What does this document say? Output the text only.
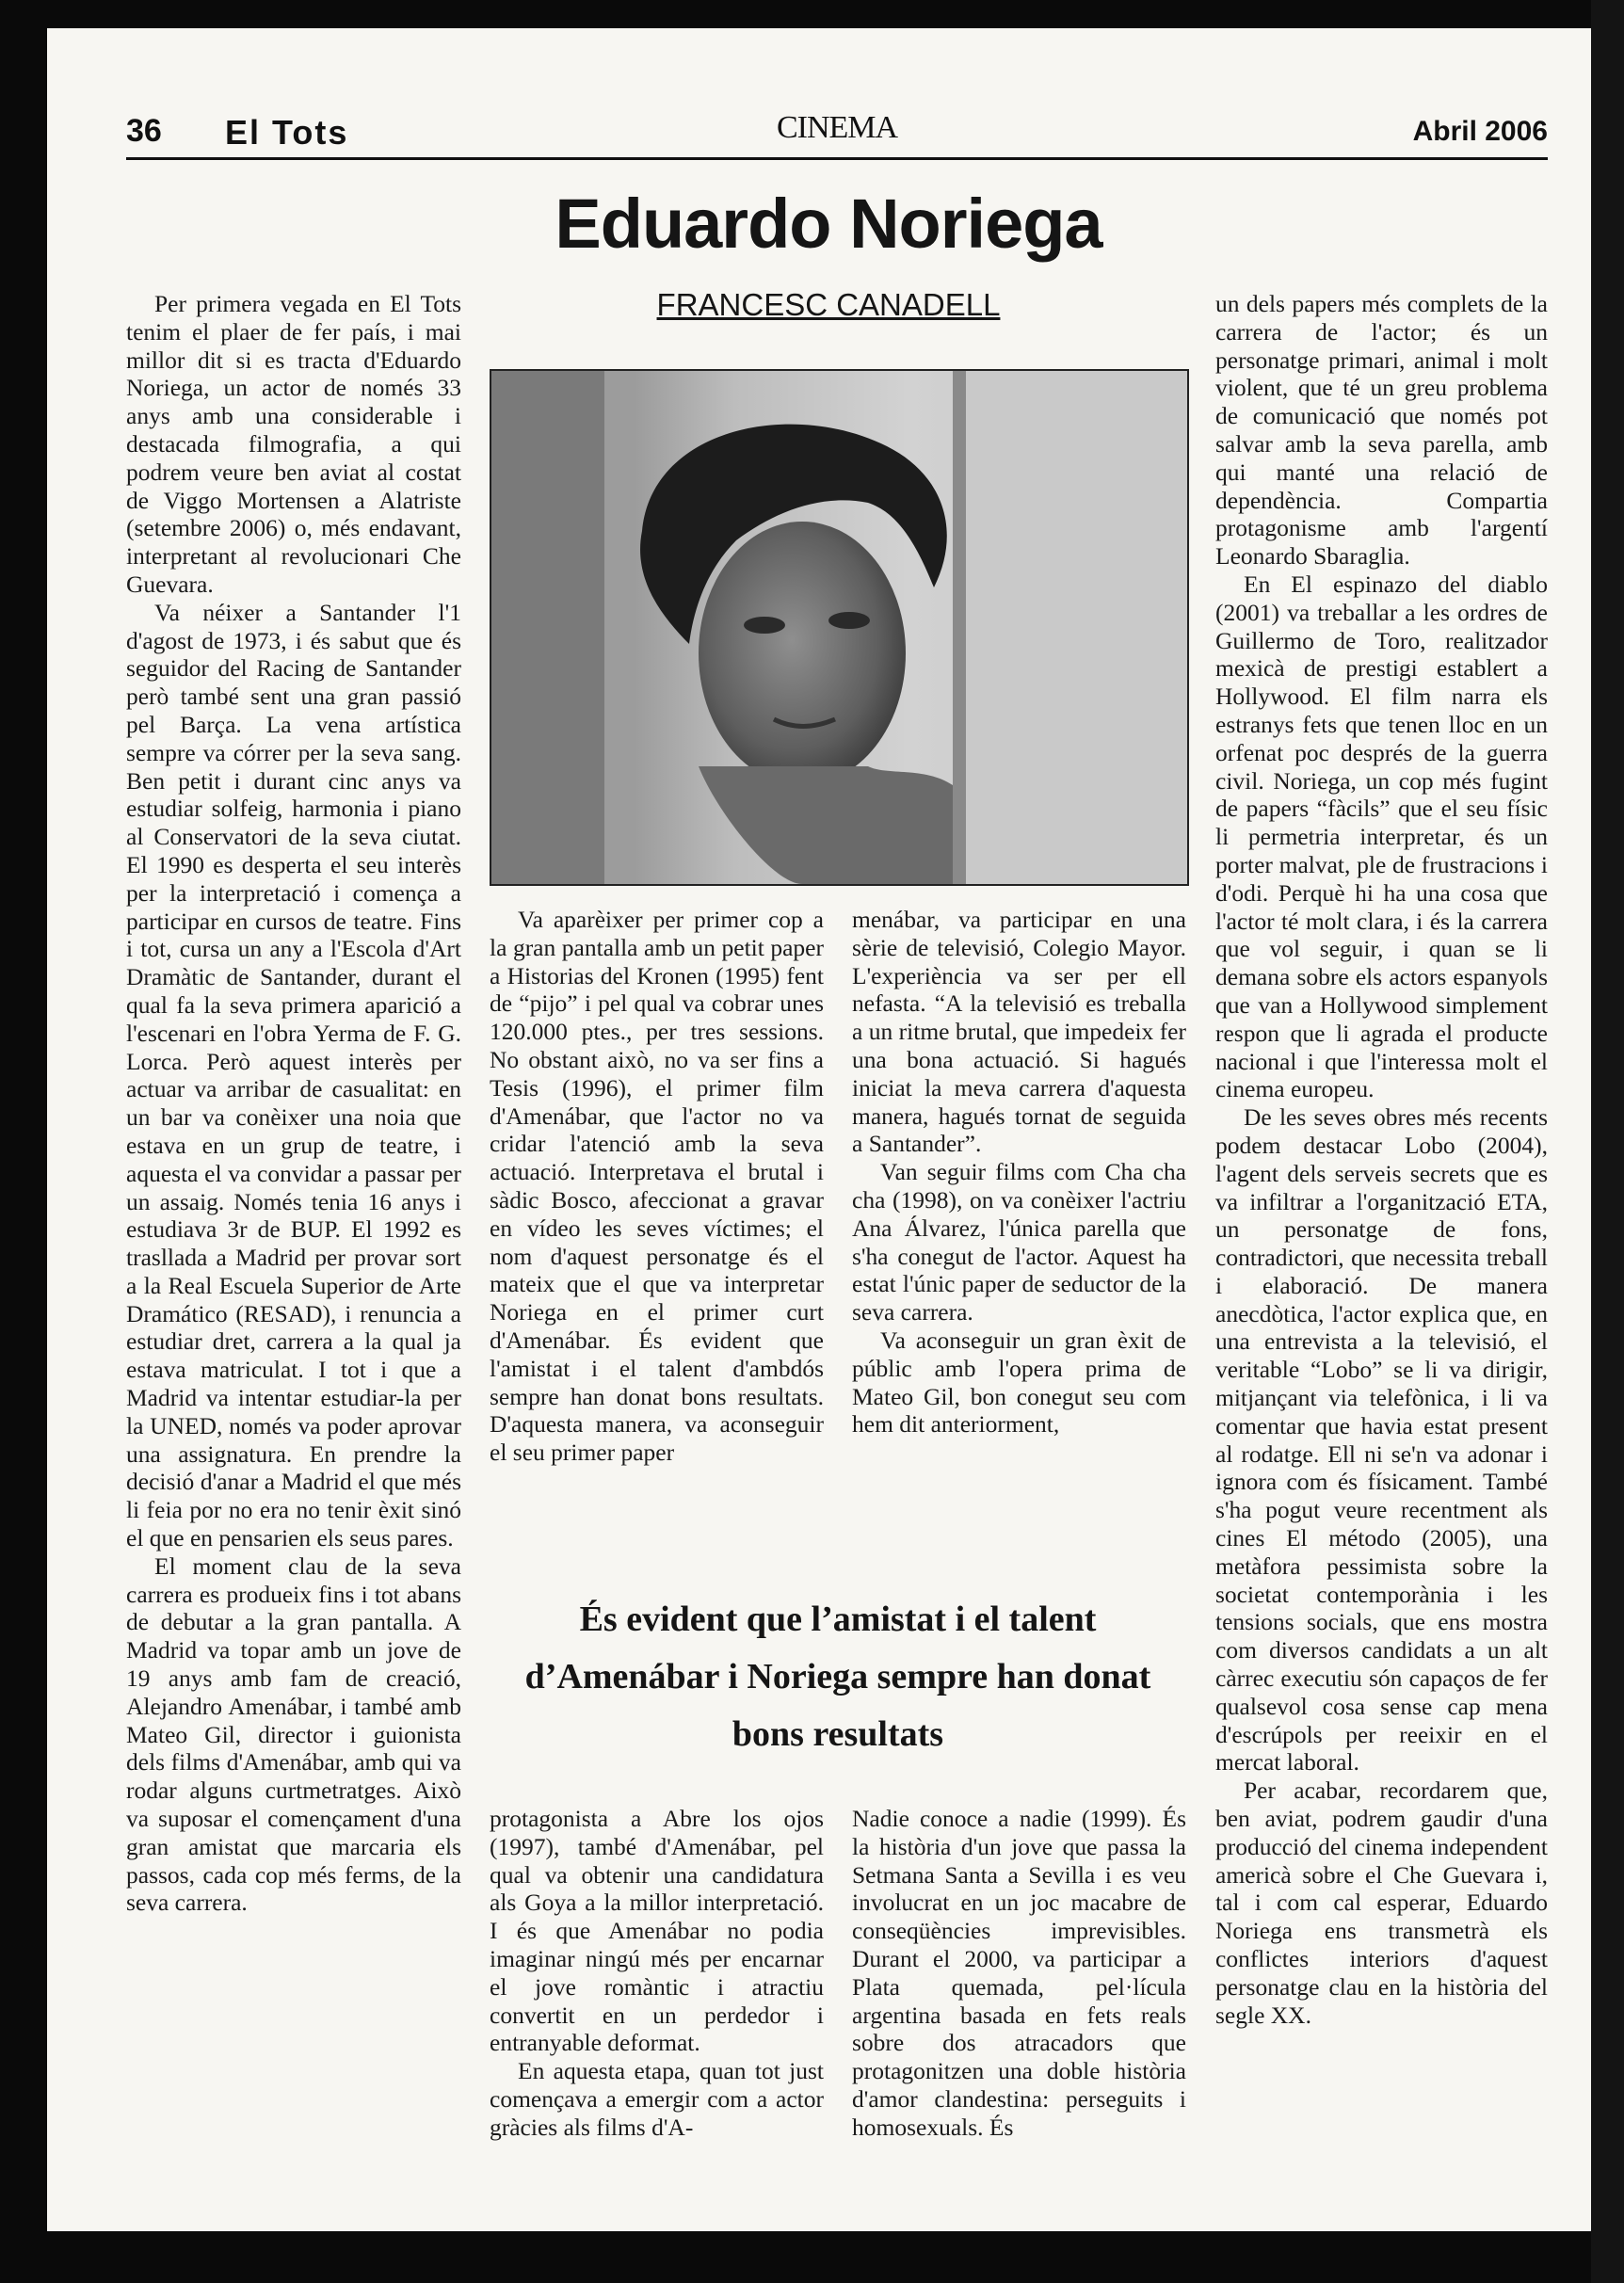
36 El Tots	CINEMA	Abril 2006
Eduardo Noriega
FRANCESC CANADELL

Per primera vegada en El Tots tenim el plaer de fer país, i mai millor dit si es tracta d'Eduardo Noriega, un actor de només 33 anys amb una considerable i destacada filmografia, a qui podrem veure ben aviat al costat de Viggo Mortensen a Alatriste (setembre 2006) o, més endavant, interpretant al revolucionari Che Guevara.

Va néixer a Santander l'1 d'agost de 1973, i és sabut que és seguidor del Racing de Santander però també sent una gran passió pel Barça. La vena artística sempre va córrer per la seva sang. Ben petit i durant cinc anys va estudiar solfeig, harmonia i piano al Conservatori de la seva ciutat. El 1990 es desperta el seu interès per la interpretació i comença a participar en cursos de teatre. Fins i tot, cursa un any a l'Escola d'Art Dramàtic de Santander, durant el qual fa la seva primera aparició a l'escenari en l'obra Yerma de F. G. Lorca. Però aquest interès per actuar va arribar de casualitat: en un bar va conèixer una noia que estava en un grup de teatre, i aquesta el va convidar a passar per un assaig. Només tenia 16 anys i estudiava 3r de BUP. El 1992 es trasllada a Madrid per provar sort a la Real Escuela Superior de Arte Dramático (RESAD), i renuncia a estudiar dret, carrera a la qual ja estava matriculat. I tot i que a Madrid va intentar estudiar-la per la UNED, només va poder aprovar una assignatura. En prendre la decisió d'anar a Madrid el que més li feia por no era no tenir èxit sinó el que en pensarien els seus pares.

El moment clau de la seva carrera es produeix fins i tot abans de debutar a la gran pantalla. A Madrid va topar amb un jove de 19 anys amb fam de creació, Alejandro Amenábar, i també amb Mateo Gil, director i guionista dels films d'Amenábar, amb qui va rodar alguns curtmetratges. Això va suposar el començament d'una gran amistat que marcaria els passos, cada cop més ferms, de la seva carrera.

Va aparèixer per primer cop a la gran pantalla amb un petit paper a Historias del Kronen (1995) fent de “pijo” i pel qual va cobrar unes 120.000 ptes., per tres sessions. No obstant això, no va ser fins a Tesis (1996), el primer film d'Amenábar, que l'actor no va cridar l'atenció amb la seva actuació. Interpretava el brutal i sàdic Bosco, afeccionat a gravar en vídeo les seves víctimes; el nom d'aquest personatge és el mateix que el que va interpretar Noriega en el primer curt d'Amenábar. És evident que l'amistat i el talent d'ambdós sempre han donat bons resultats. D'aquesta manera, va aconseguir el seu primer paper

menábar, va participar en una sèrie de televisió, Colegio Mayor. L'experiència va ser per ell nefasta. “A la televisió es treballa a un ritme brutal, que impedeix fer una bona actuació. Si hagués iniciat la meva carrera d'aquesta manera, hagués tornat de seguida a Santander”.

Van seguir films com Cha cha cha (1998), on va conèixer l'actriu Ana Álvarez, l'única parella que s'ha conegut de l'actor. Aquest ha estat l'únic paper de seductor de la seva carrera.

Va aconseguir un gran èxit de públic amb l'opera prima de Mateo Gil, bon conegut seu com hem dit anteriorment,

És evident que l’amistat i el talent d’Amenábar i Noriega sempre han donat bons resultats

protagonista a Abre los ojos (1997), també d'Amenábar, pel qual va obtenir una candidatura als Goya a la millor interpretació. I és que Amenábar no podia imaginar ningú més per encarnar el jove romàntic i atractiu convertit en un perdedor i entranyable deformat.

En aquesta etapa, quan tot just començava a emergir com a actor gràcies als films d'A-

Nadie conoce a nadie (1999). És la història d'un jove que passa la Setmana Santa a Sevilla i es veu involucrat en un joc macabre de conseqüències imprevisibles. Durant el 2000, va participar a Plata quemada, pel·lícula argentina basada en fets reals sobre dos atracadors que protagonitzen una doble història d'amor clandestina: perseguits i homosexuals. És

un dels papers més complets de la carrera de l'actor; és un personatge primari, animal i molt violent, que té un greu problema de comunicació que només pot salvar amb la seva parella, amb qui manté una relació de dependència. Compartia protagonisme amb l'argentí Leonardo Sbaraglia.

En El espinazo del diablo (2001) va treballar a les ordres de Guillermo de Toro, realitzador mexicà de prestigi establert a Hollywood. El film narra els estranys fets que tenen lloc en un orfenat poc després de la guerra civil. Noriega, un cop més fugint de papers “fàcils” que el seu físic li permetria interpretar, és un porter malvat, ple de frustracions i d'odi. Perquè hi ha una cosa que l'actor té molt clara, i és la carrera que vol seguir, i quan se li demana sobre els actors espanyols que van a Hollywood simplement respon que li agrada el producte nacional i que l'interessa molt el cinema europeu.

De les seves obres més recents podem destacar Lobo (2004), l'agent dels serveis secrets que es va infiltrar a l'organització ETA, un personatge de fons, contradictori, que necessita treball i elaboració. De manera anecdòtica, l'actor explica que, en una entrevista a la televisió, el veritable “Lobo” se li va dirigir, mitjançant via telefònica, i li va comentar que havia estat present al rodatge. Ell ni se'n va adonar i ignora com és físicament. També s'ha pogut veure recentment als cines El método (2005), una metàfora pessimista sobre la societat contemporània i les tensions socials, que ens mostra com diversos candidats a un alt càrrec executiu són capaços de fer qualsevol cosa sense cap mena d'escrúpols per reeixir en el mercat laboral.

Per acabar, recordarem que, ben aviat, podrem gaudir d'una producció del cinema independent americà sobre el Che Guevara i, tal i com cal esperar, Eduardo Noriega ens transmetrà els conflictes interiors d'aquest personatge clau en la història del segle XX.
